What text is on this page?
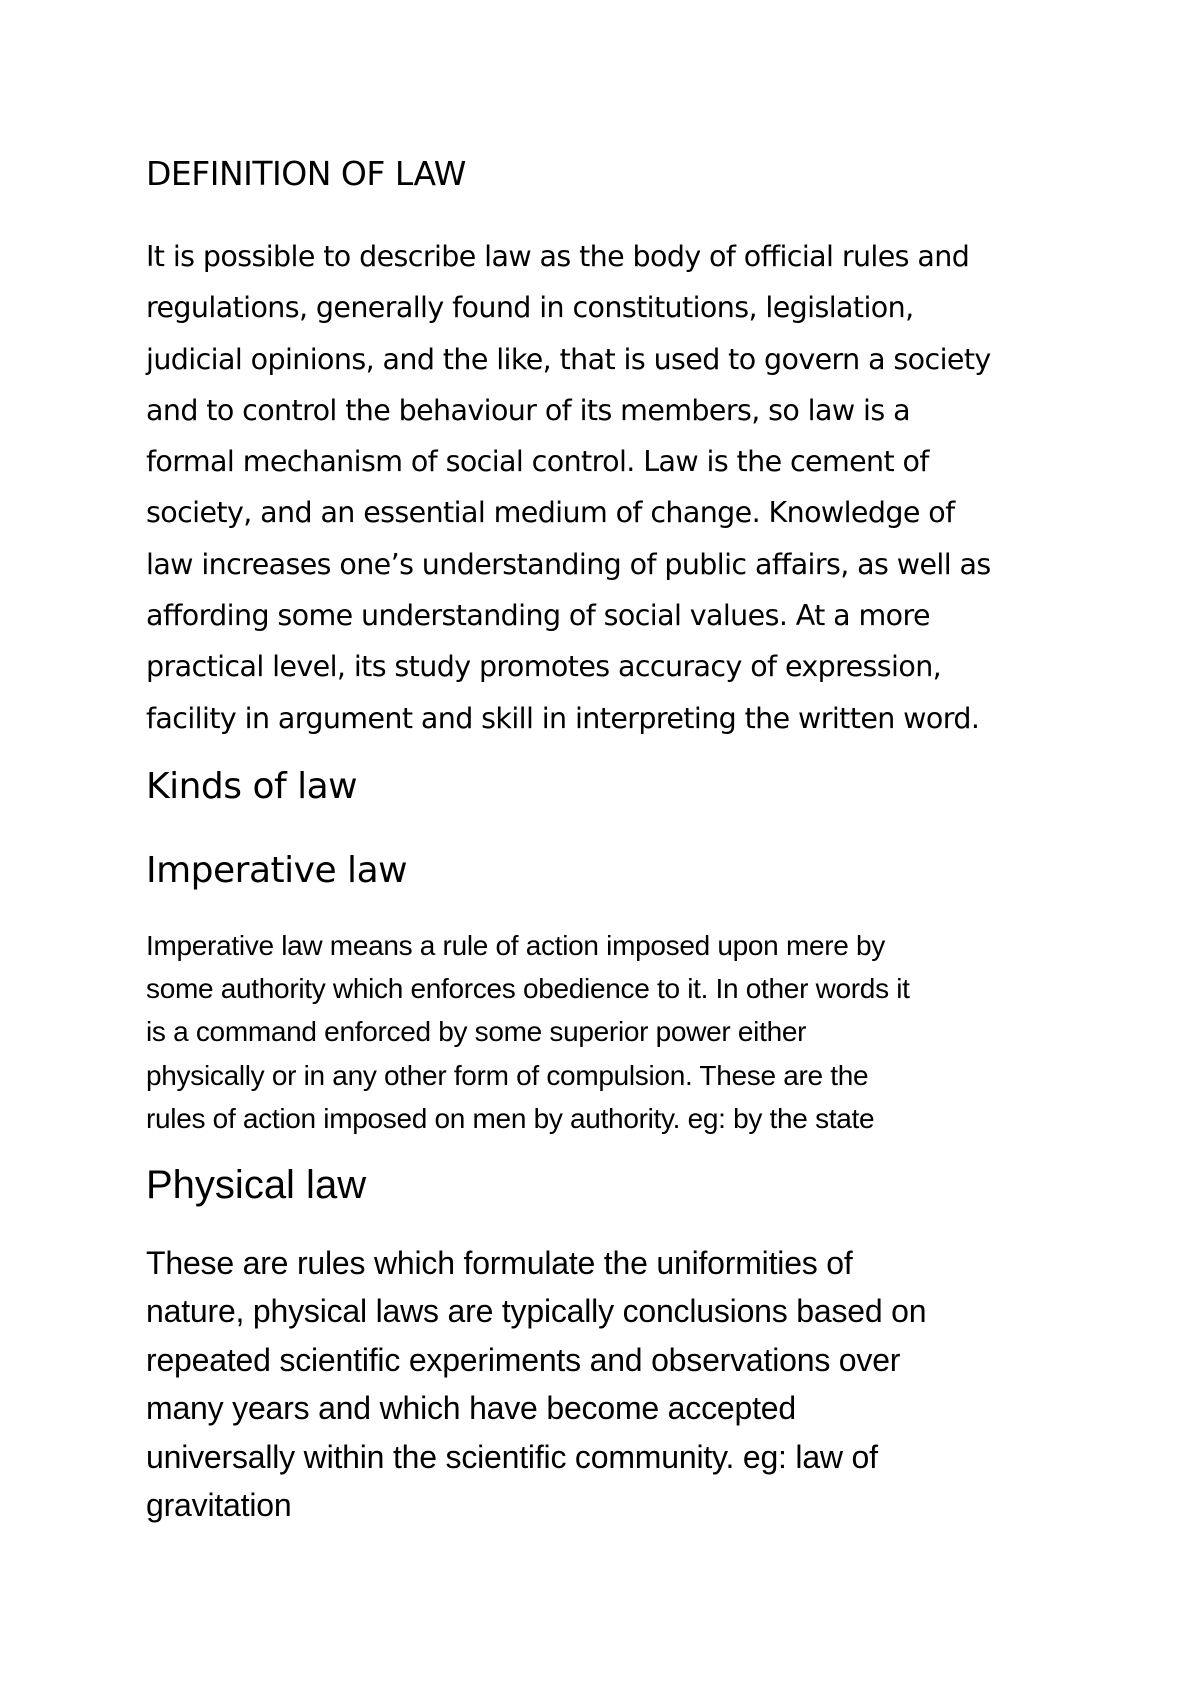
DEFINITION OF LAW

It is possible to describe law as the body of official rules and
regulations, generally found in constitutions, legislation,
judicial opinions, and the like, that is used to govern a society
and to control the behaviour of its members, so law is a
formal mechanism of social control. Law is the cement of
society, and an essential medium of change. Knowledge of
law increases one’s understanding of public affairs, as well as
affording some understanding of social values. At a more
practical level, its study promotes accuracy of expression,
facility in argument and skill in interpreting the written word.

Kinds of law
Imperative law

Imperative law means a rule of action imposed upon mere by
some authority which enforces obedience to it. In other words it
is a command enforced by some superior power either
physically or in any other form of compulsion. These are the
rules of action imposed on men by authority. eg: by the state

Physical law

These are rules which formulate the uniformities of
nature, physical laws are typically conclusions based on
repeated scientific experiments and observations over
many years and which have become accepted
universally within the scientific community. eg: law of
gravitation
